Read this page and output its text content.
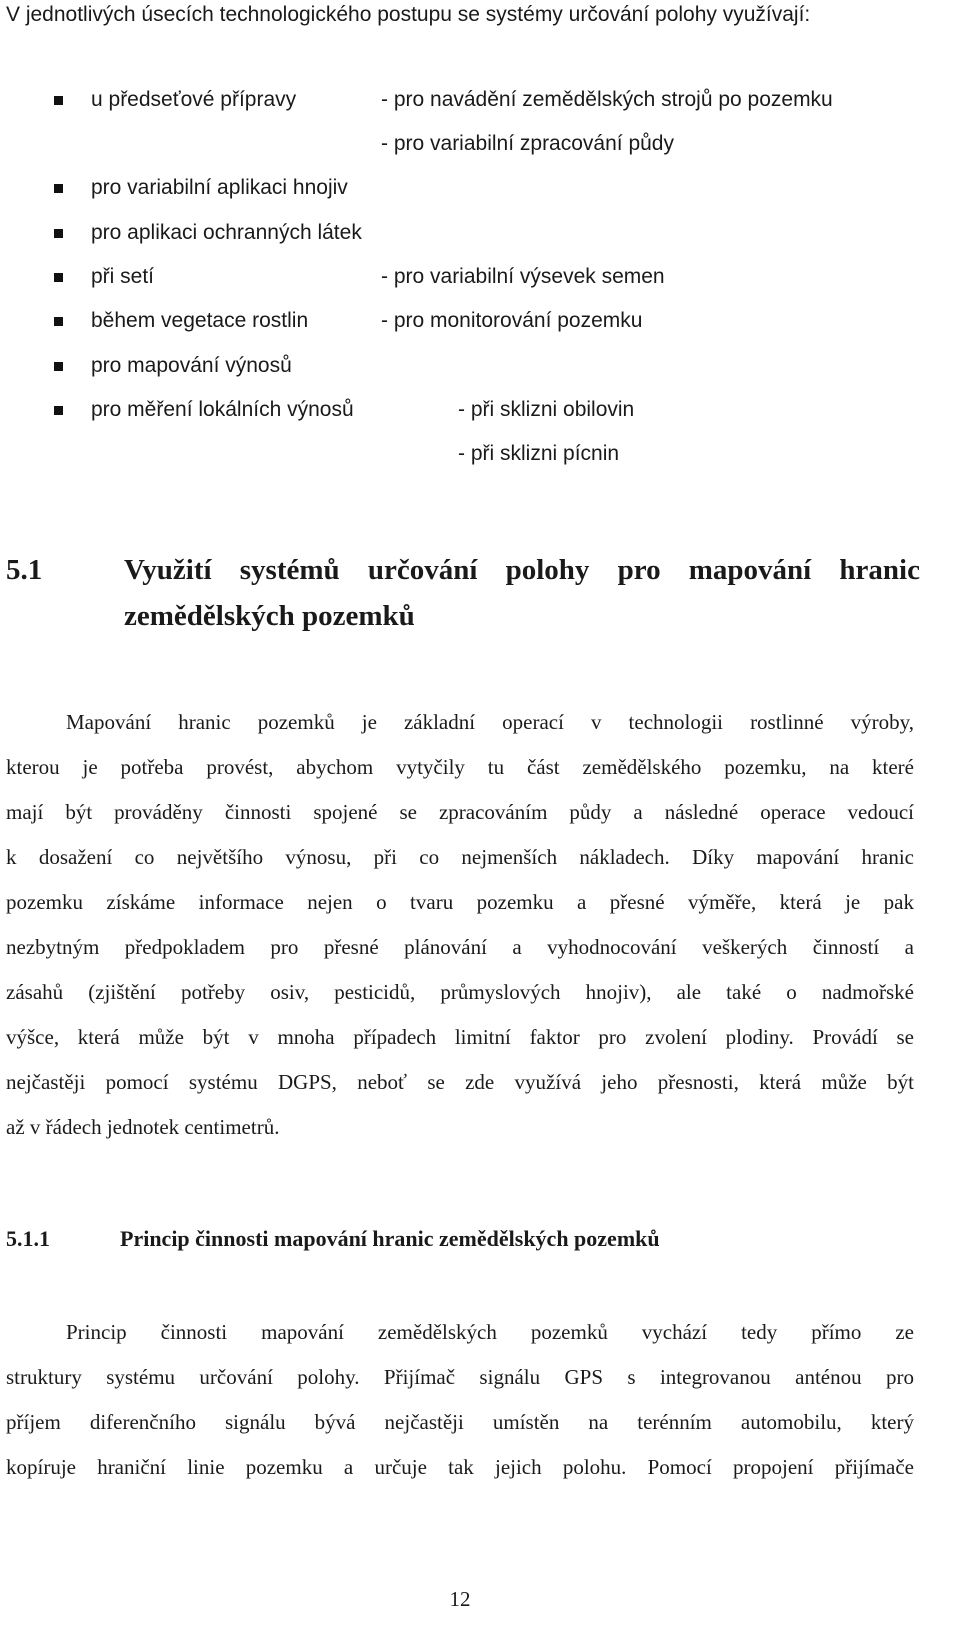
V jednotlivých úsecích technologického postupu se systémy určování polohy využívají:
u předseťové přípravy	- pro navádění zemědělských strojů po pozemku
- pro variabilní zpracování půdy
pro variabilní aplikaci hnojiv
pro aplikaci ochranných látek
při setí	- pro variabilní výsevek semen
během vegetace rostlin	- pro monitorování pozemku
pro mapování výnosů
pro měření lokálních výnosů	- při sklizni obilovin
- při sklizni pícnin
5.1	Využití systémů určování polohy pro mapování hranic
zemědělských pozemků
Mapování hranic pozemků je základní operací v technologii rostlinné výroby,
kterou je potřeba provést, abychom vytyčily tu část zemědělského pozemku, na které
mají být prováděny činnosti spojené se zpracováním půdy a následné operace vedoucí
k dosažení co největšího výnosu, při co nejmenších nákladech. Díky mapování hranic
pozemku získáme informace nejen o tvaru pozemku a přesné výměře, která je pak
nezbytným předpokladem pro přesné plánování a vyhodnocování veškerých činností a
zásahů (zjištění potřeby osiv, pesticidů, průmyslových hnojiv), ale také o nadmořské
výšce, která může být v mnoha případech limitní faktor pro zvolení plodiny. Provádí se
nejčastěji pomocí systému DGPS, neboť se zde využívá jeho přesnosti, která může být
až v řádech jednotek centimetrů.
5.1.1	Princip činnosti mapování hranic zemědělských pozemků
Princip činnosti mapování zemědělských pozemků vychází tedy přímo ze
struktury systému určování polohy. Přijímač signálu GPS s integrovanou anténou pro
příjem diferenčního signálu bývá nejčastěji umístěn na terénním automobilu, který
kopíruje hraniční linie pozemku a určuje tak jejich polohu. Pomocí propojení přijímače
12
